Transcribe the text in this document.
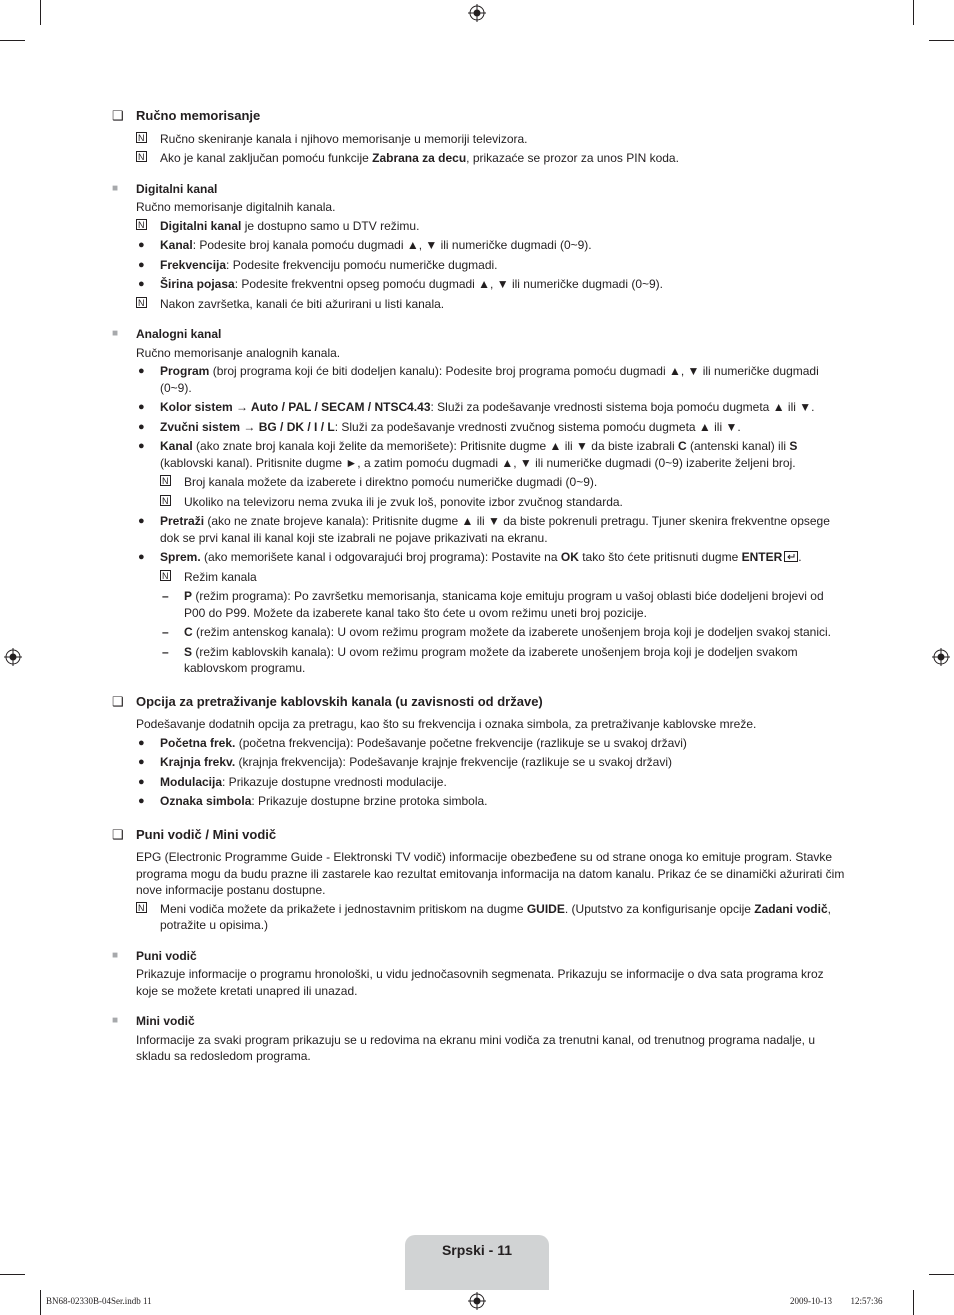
❑ Ručno memorisanje
N Ručno skeniranje kanala i njihovo memorisanje u memoriji televizora.
N Ako je kanal zaključan pomoću funkcije Zabrana za decu, prikazaće se prozor za unos PIN koda.
■ Digitalni kanal
Ručno memorisanje digitalnih kanala.
N Digitalni kanal je dostupno samo u DTV režimu.
● Kanal: Podesite broj kanala pomoću dugmadi ▲, ▼ ili numeričke dugmadi (0~9).
● Frekvencija: Podesite frekvenciju pomoću numeričke dugmadi.
● Širina pojasa: Podesite frekventni opseg pomoću dugmadi ▲, ▼ ili numeričke dugmadi (0~9).
N Nakon završetka, kanali će biti ažurirani u listi kanala.
■ Analogni kanal
Ručno memorisanje analognih kanala.
● Program (broj programa koji će biti dodeljen kanalu): Podesite broj programa pomoću dugmadi ▲, ▼ ili numeričke dugmadi (0~9).
● Kolor sistem → Auto / PAL / SECAM / NTSC4.43: Služi za podešavanje vrednosti sistema boja pomoću dugmeta ▲ ili ▼.
● Zvučni sistem → BG / DK / I / L: Služi za podešavanje vrednosti zvučnog sistema pomoću dugmeta ▲ ili ▼.
● Kanal (ako znate broj kanala koji želite da memorišete): Pritisnite dugme ▲ ili ▼ da biste izabrali C (antenski kanal) ili S (kablovski kanal). Pritisnite dugme ►, a zatim pomoću dugmadi ▲, ▼ ili numeričke dugmadi (0~9) izaberite željeni broj.
N Broj kanala možete da izaberete i direktno pomoću numeričke dugmadi (0~9).
N Ukoliko na televizoru nema zvuka ili je zvuk loš, ponovite izbor zvučnog standarda.
● Pretraži (ako ne znate brojeve kanala): Pritisnite dugme ▲ ili ▼ da biste pokrenuli pretragu. Tjuner skenira frekventne opsege dok se prvi kanal ili kanal koji ste izabrali ne pojave prikazivati na ekranu.
● Sprem. (ako memorišete kanal i odgovarajući broj programa): Postavite na OK tako što ćete pritisnuti dugme ENTER .
N Režim kanala
– P (režim programa): Po završetku memorisanja, stanicama koje emituju program u vašoj oblasti biće dodeljeni brojevi od P00 do P99. Možete da izaberete kanal tako što ćete u ovom režimu uneti broj pozicije.
– C (režim antenskog kanala): U ovom režimu program možete da izaberete unošenjem broja koji je dodeljen svakoj stanici.
– S (režim kablovskih kanala): U ovom režimu program možete da izaberete unošenjem broja koji je dodeljen svakom kablovskom programu.
❑ Opcija za pretraživanje kablovskih kanala (u zavisnosti od države)
Podešavanje dodatnih opcija za pretragu, kao što su frekvencija i oznaka simbola, za pretraživanje kablovske mreže.
● Početna frek. (početna frekvencija): Podešavanje početne frekvencije (razlikuje se u svakoj državi)
● Krajnja frekv. (krajnja frekvencija): Podešavanje krajnje frekvencije (razlikuje se u svakoj državi)
● Modulacija: Prikazuje dostupne vrednosti modulacije.
● Oznaka simbola: Prikazuje dostupne brzine protoka simbola.
❑ Puni vodič / Mini vodič
EPG (Electronic Programme Guide - Elektronski TV vodič) informacije obezbeđene su od strane onoga ko emituje program. Stavke programa mogu da budu prazne ili zastarele kao rezultat emitovanja informacija na datom kanalu. Prikaz će se dinamički ažurirati čim nove informacije postanu dostupne.
N Meni vodiča možete da prikažete i jednostavnim pritiskom na dugme GUIDE. (Uputstvo za konfigurisanje opcije Zadani vodič, potražite u opisima.)
■ Puni vodič
Prikazuje informacije o programu hronološki, u vidu jednočasovnih segmenata. Prikazuju se informacije o dva sata programa kroz koje se možete kretati unapred ili unazad.
■ Mini vodič
Informacije za svaki program prikazuju se u redovima na ekranu mini vodiča za trenutni kanal, od trenutnog programa nadalje, u skladu sa redosledom programa.
Srpski - 11
BN68-02330B-04Ser.indb 11	2009-10-13 􏰀􏰀 12:57:36
